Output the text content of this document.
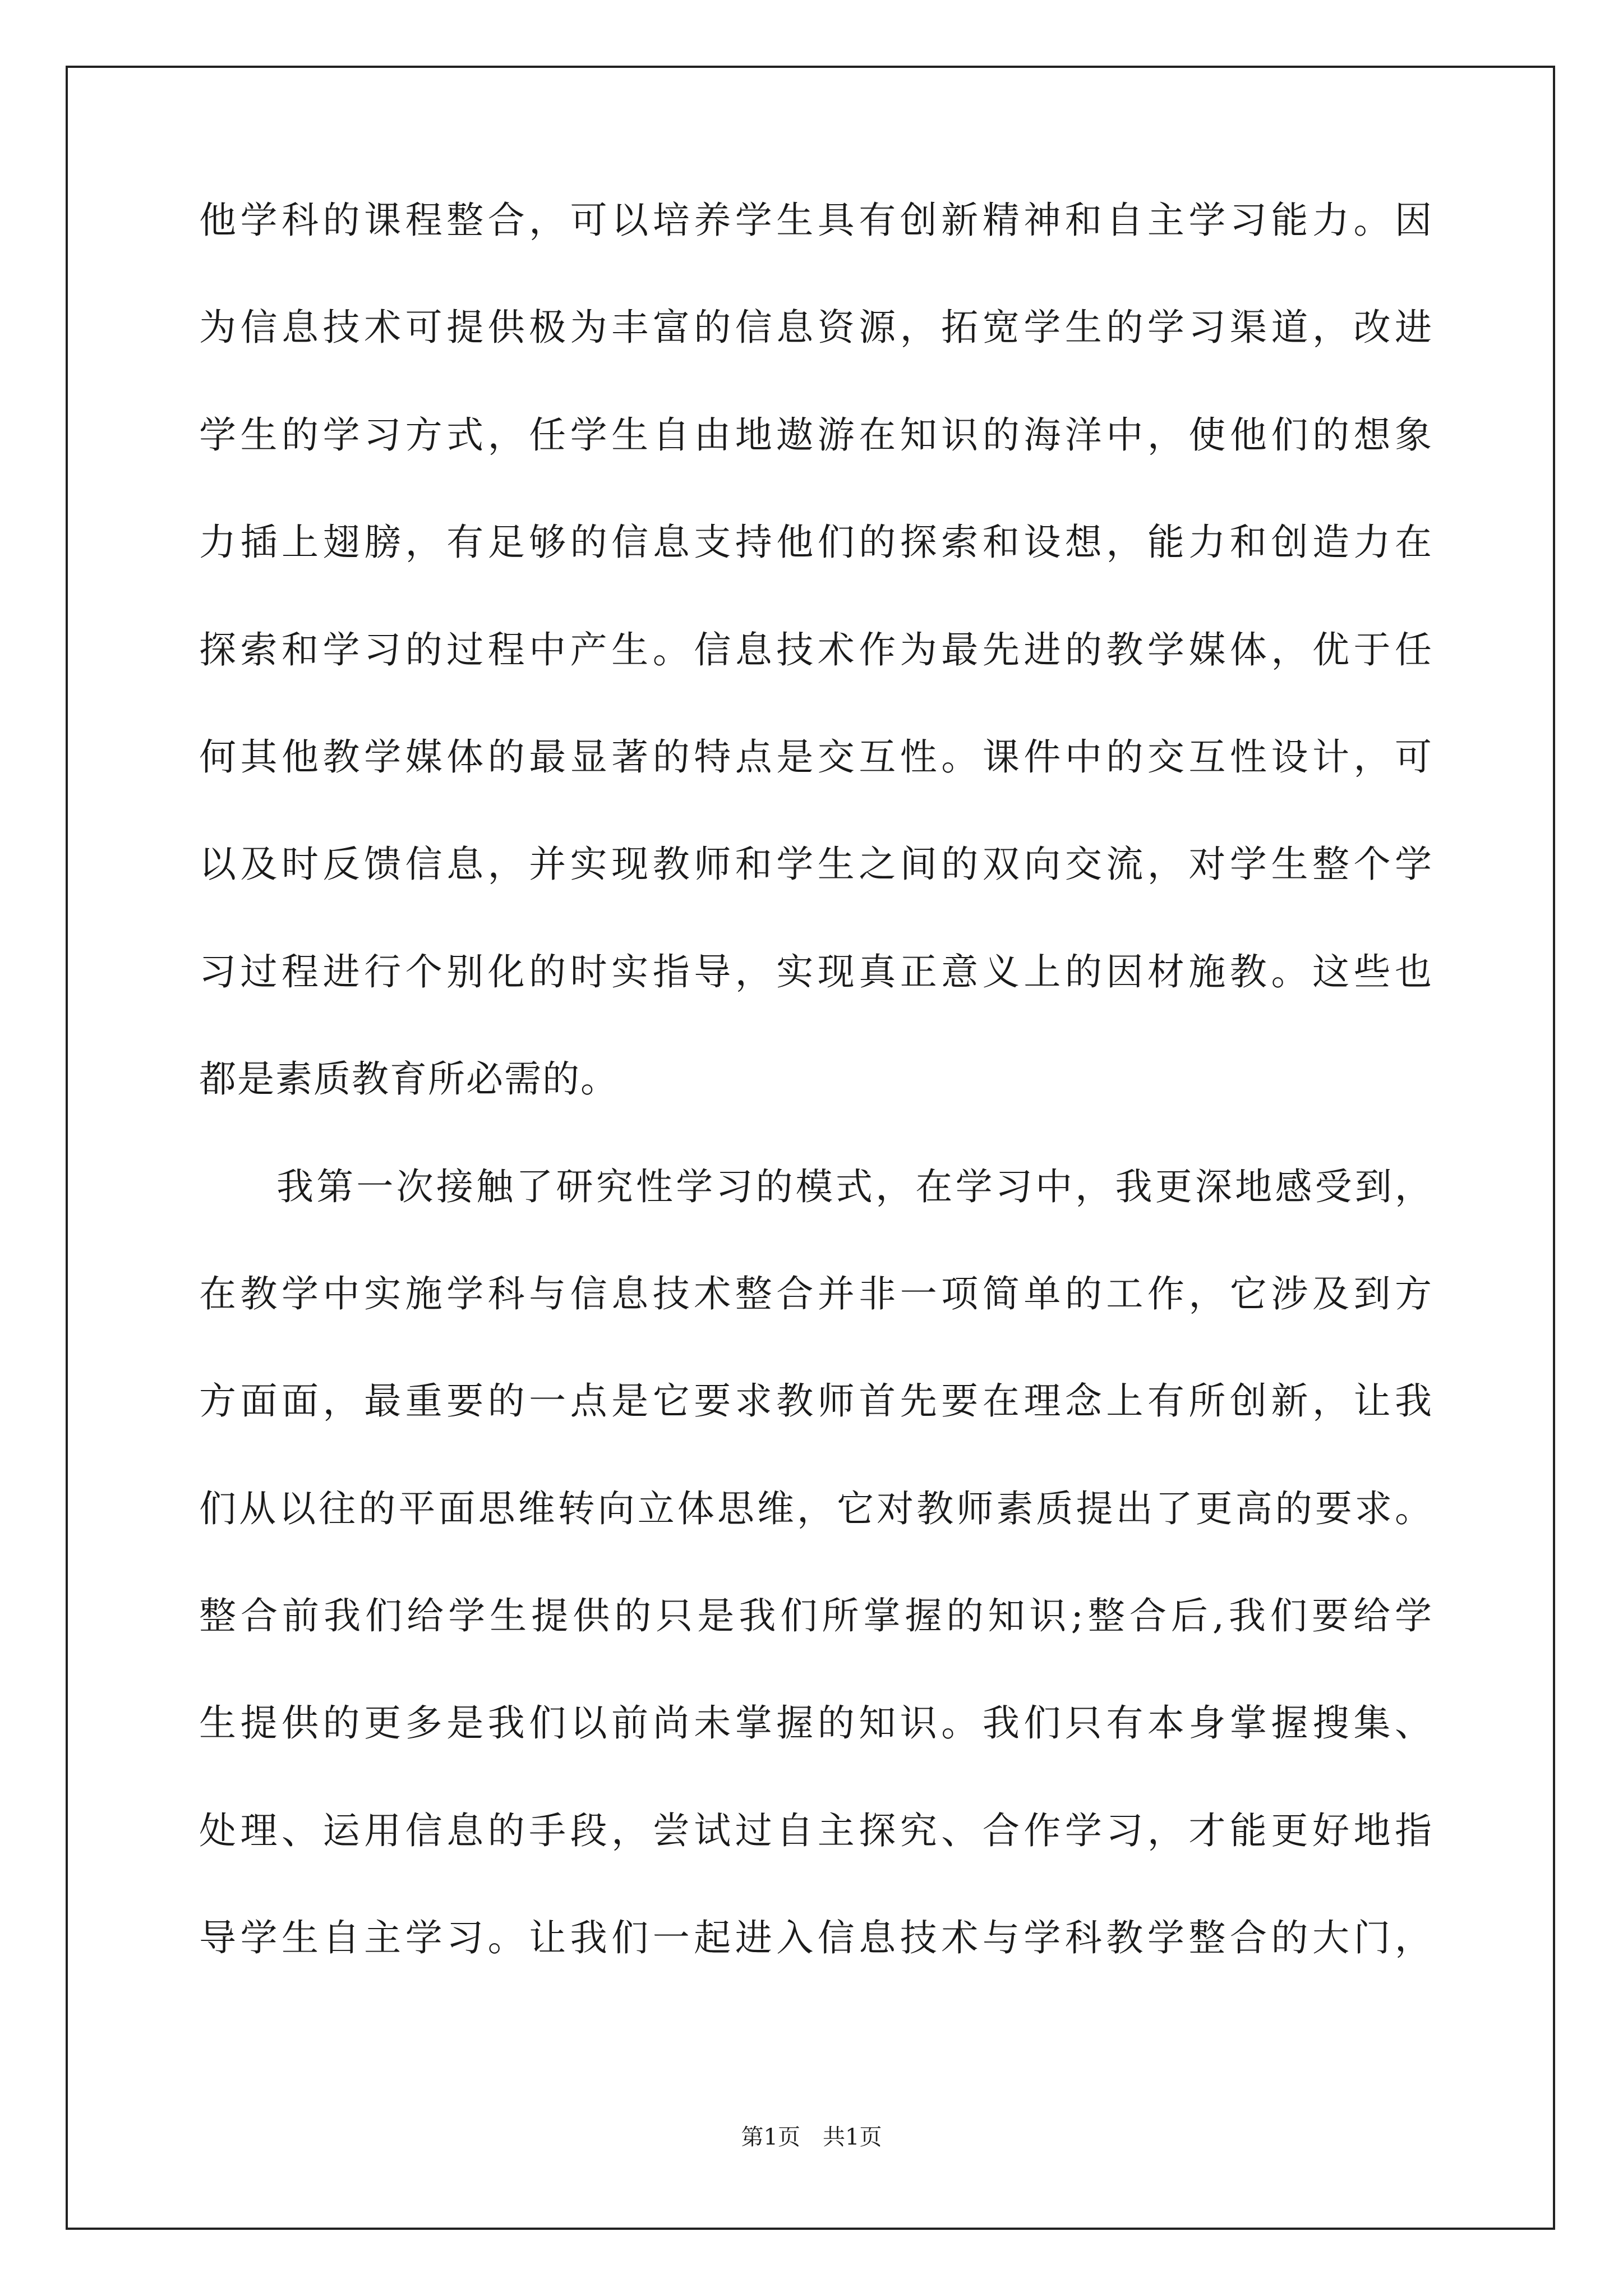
他学科的课程整合，可以培养学生具有创新精神和自主学习能力。因
为信息技术可提供极为丰富的信息资源，拓宽学生的学习渠道，改进
学生的学习方式，任学生自由地遨游在知识的海洋中，使他们的想象
力插上翅膀，有足够的信息支持他们的探索和设想，能力和创造力在
探索和学习的过程中产生。信息技术作为最先进的教学媒体，优于任
何其他教学媒体的最显著的特点是交互性。课件中的交互性设计，可
以及时反馈信息，并实现教师和学生之间的双向交流，对学生整个学
习过程进行个别化的时实指导，实现真正意义上的因材施教。这些也
都是素质教育所必需的。
我第一次接触了研究性学习的模式，在学习中，我更深地感受到，
在教学中实施学科与信息技术整合并非一项简单的工作，它涉及到方
方面面，最重要的一点是它要求教师首先要在理念上有所创新，让我
们从以往的平面思维转向立体思维，它对教师素质提出了更高的要求。
整合前我们给学生提供的只是我们所掌握的知识;整合后,我们要给学
生提供的更多是我们以前尚未掌握的知识。我们只有本身掌握搜集、
处理、运用信息的手段，尝试过自主探究、合作学习，才能更好地指
导学生自主学习。让我们一起进入信息技术与学科教学整合的大门，
第1页　共1页
